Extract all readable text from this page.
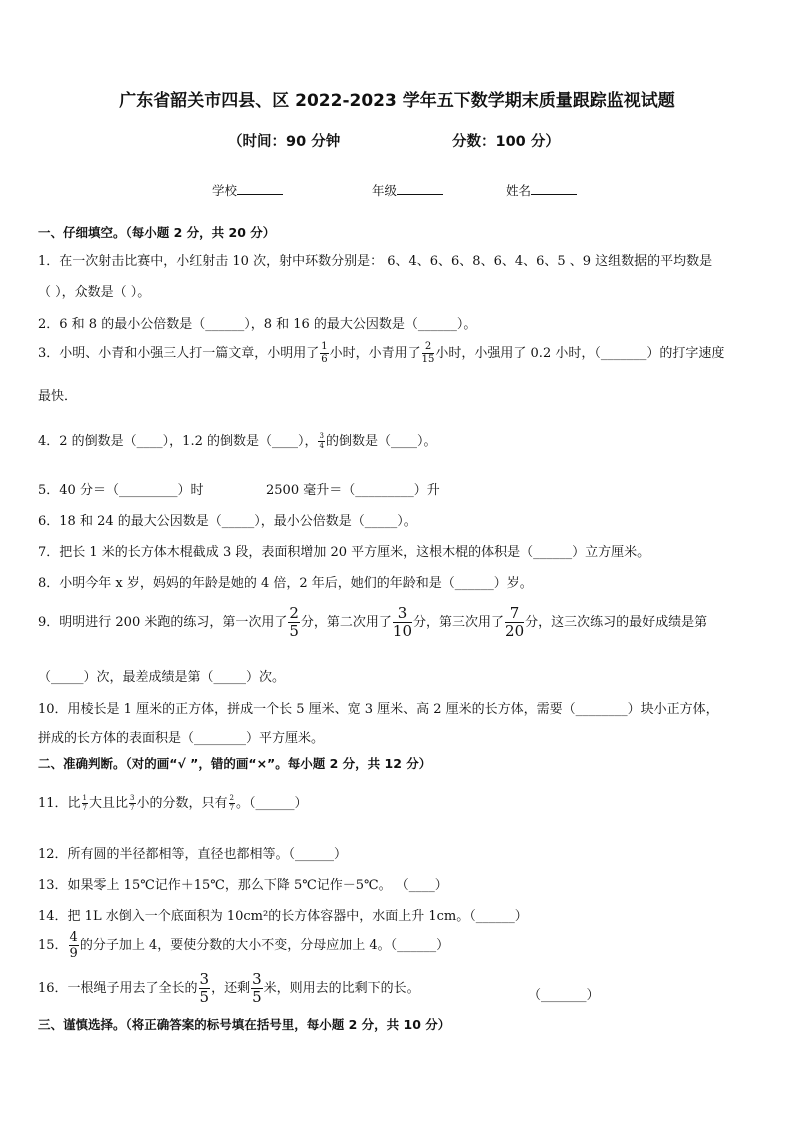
广东省韶关市四县、区 2022-2023 学年五下数学期末质量跟踪监视试题
（时间：90 分钟	分数：100 分）
学校	年级	姓名
一、仔细填空。（每小题 2 分，共 20 分）
1．在一次射击比赛中，小红射击 10 次，射中环数分别是： 6、4、6、6、8、6、4、6、5 、9 这组数据的平均数是
（ ），众数是（ ）。
2．6 和 8 的最小公倍数是（______），8 和 16 的最大公因数是（______）。
3．小明、小青和小强三人打一篇文章，小明用了 $\frac{1}{6}$ 小时，小青用了 $\frac{2}{15}$ 小时，小强用了 0.2 小时，（_______）的打字速度
最快．
4．2 的倒数是（____），1.2 的倒数是（____）， $\frac{3}{4}$ 的倒数是（____）。
5．40 分＝（_________）时	2500 毫升＝（_________）升
6．18 和 24 的最大公因数是（_____），最小公倍数是（_____）。
7．把长 1 米的长方体木棍截成 3 段，表面积增加 20 平方厘米，这根木棍的体积是（______）立方厘米。
8．小明今年 x 岁，妈妈的年龄是她的 4 倍，2 年后，她们的年龄和是（______）岁。
9．明明进行 200 米跑的练习，第一次用了 $\frac{2}{5}$ 分，第二次用了 $\frac{3}{10}$ 分，第三次用了 $\frac{7}{20}$ 分，这三次练习的最好成绩是第
（_____）次，最差成绩是第（_____）次。
10．用棱长是 1 厘米的正方体，拼成一个长 5 厘米、宽 3 厘米、高 2 厘米的长方体，需要（________）块小正方体，
拼成的长方体的表面积是（________）平方厘米。
二、准确判断。（对的画“√ ”，错的画“×”。每小题 2 分，共 12 分）
11．比 $\frac{1}{7}$ 大且比 $\frac{3}{7}$ 小的分数，只有 $\frac{2}{7}$ 。（______）
12．所有圆的半径都相等，直径也都相等。（______）
13．如果零上 15℃记作＋15℃，那么下降 5℃记作－5℃。 （____）
14．把 1L 水倒入一个底面积为 10cm²的长方体容器中，水面上升 1cm。（______）
15． $\frac{4}{9}$ 的分子加上 4，要使分数的大小不变，分母应加上 4。（______）
16．一根绳子用去了全长的 $\frac{3}{5}$ ，还剩 $\frac{3}{5}$ 米，则用去的比剩下的长。	（_______）
三、谨慎选择。（将正确答案的标号填在括号里，每小题 2 分，共 10 分）
